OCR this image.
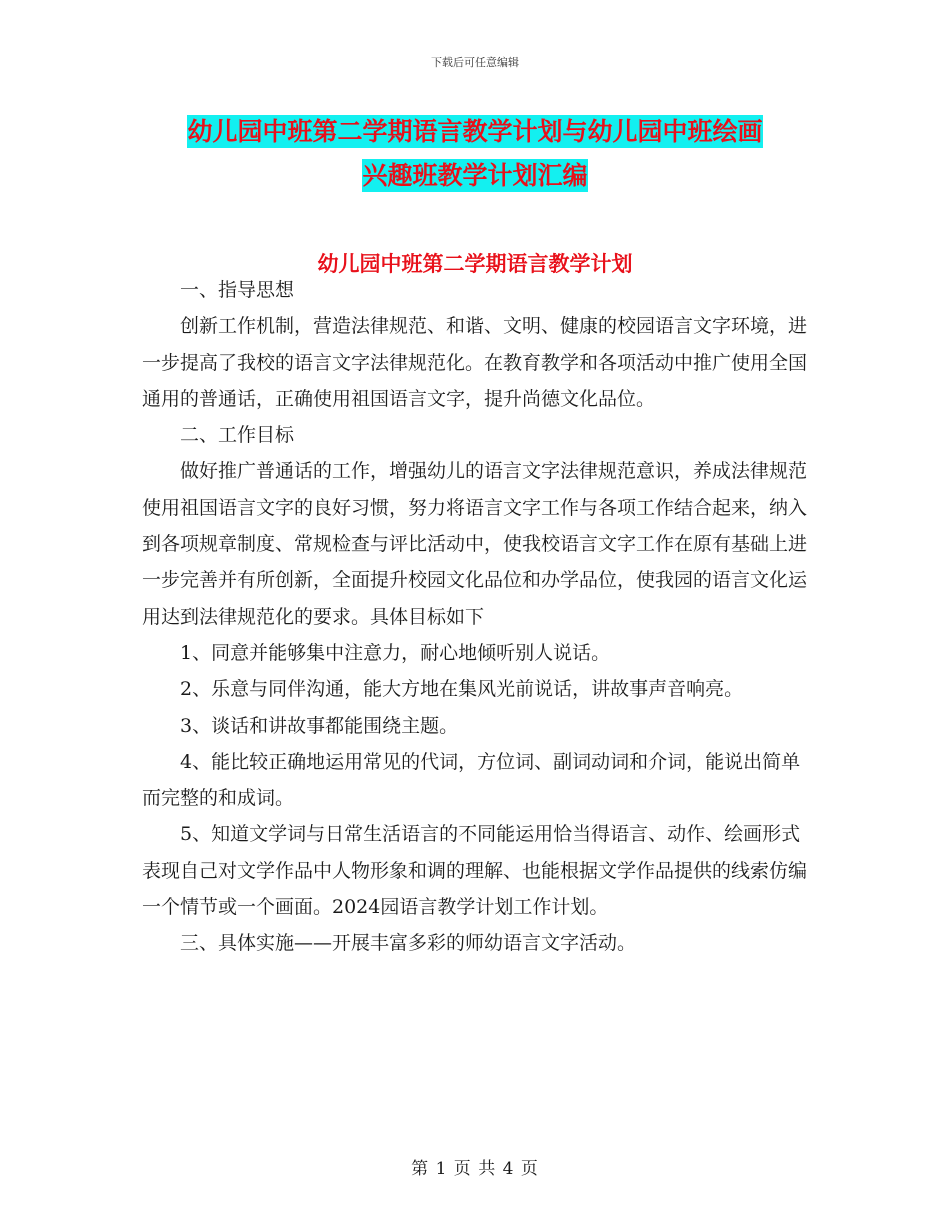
下载后可任意编辑
幼儿园中班第二学期语言教学计划与幼儿园中班绘画
兴趣班教学计划汇编
幼儿园中班第二学期语言教学计划

一、指导思想

创新工作机制，营造法律规范、和谐、文明、健康的校园语言文字环境，进一步提高了我校的语言文字法律规范化。在教育教学和各项活动中推广使用全国通用的普通话，正确使用祖国语言文字，提升尚德文化品位。

二、工作目标

做好推广普通话的工作，增强幼儿的语言文字法律规范意识，养成法律规范使用祖国语言文字的良好习惯，努力将语言文字工作与各项工作结合起来，纳入到各项规章制度、常规检查与评比活动中，使我校语言文字工作在原有基础上进一步完善并有所创新，全面提升校园文化品位和办学品位，使我园的语言文化运用达到法律规范化的要求。具体目标如下

1、同意并能够集中注意力，耐心地倾听别人说话。

2、乐意与同伴沟通，能大方地在集风光前说话，讲故事声音响亮。

3、谈话和讲故事都能围绕主题。

4、能比较正确地运用常见的代词，方位词、副词动词和介词，能说出简单而完整的和成词。

5、知道文学词与日常生活语言的不同能运用恰当得语言、动作、绘画形式表现自己对文学作品中人物形象和调的理解、也能根据文学作品提供的线索仿编一个情节或一个画面。2024园语言教学计划工作计划。

三、具体实施——开展丰富多彩的师幼语言文字活动。

第 1 页 共 4 页
